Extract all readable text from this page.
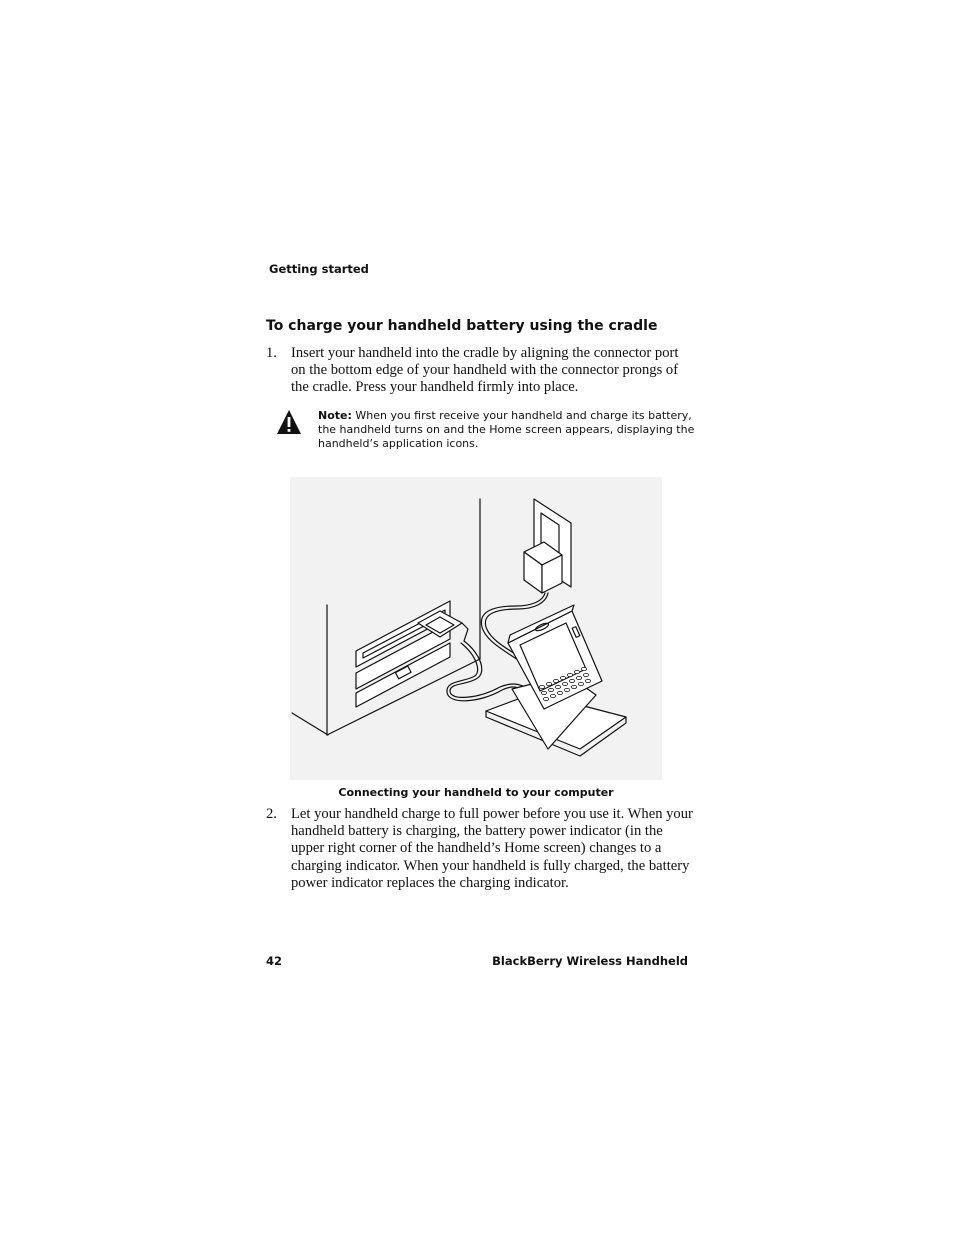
Getting started
To charge your handheld battery using the cradle
1. Insert your handheld into the cradle by aligning the connector port on the bottom edge of your handheld with the connector prongs of the cradle. Press your handheld firmly into place.
Note: When you first receive your handheld and charge its battery, the handheld turns on and the Home screen appears, displaying the handheld’s application icons.
Connecting your handheld to your computer
2. Let your handheld charge to full power before you use it. When your handheld battery is charging, the battery power indicator (in the upper right corner of the handheld’s Home screen) changes to a charging indicator. When your handheld is fully charged, the battery power indicator replaces the charging indicator.
42	BlackBerry Wireless Handheld
